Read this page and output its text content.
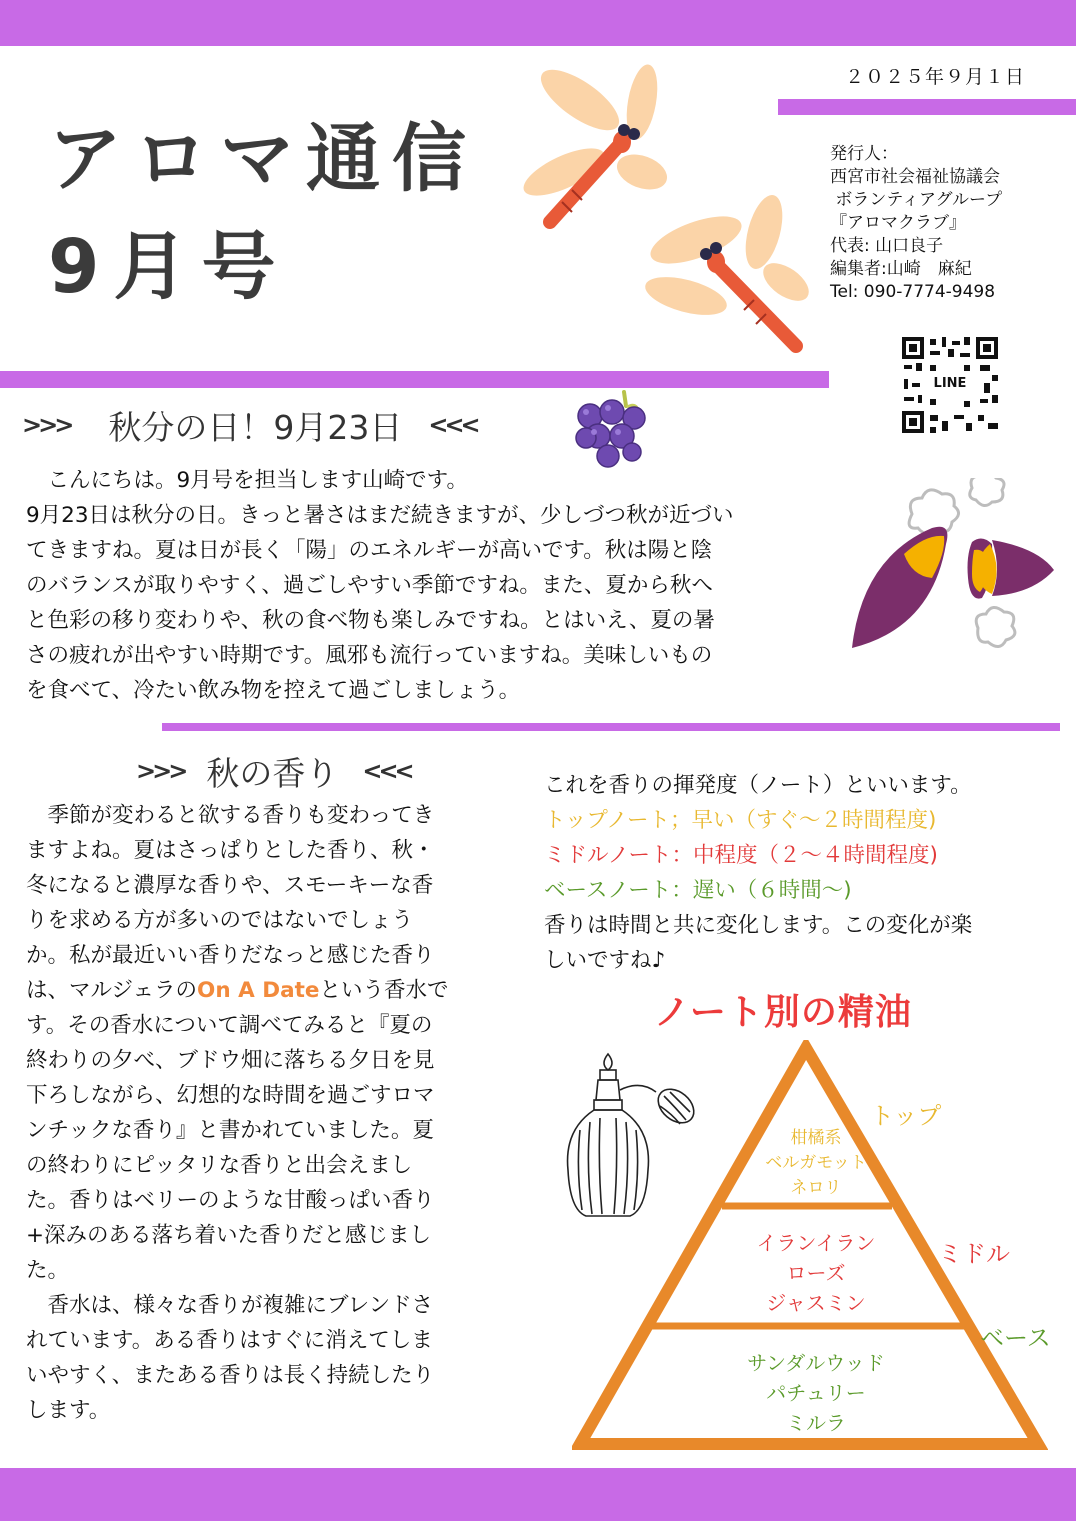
２０２５年９月１日
アロマ通信
9月号
発行人：
西宮市社会福祉協議会
ボランティアグループ
『アロマクラブ』
代表: 山口良子
編集者:山崎　麻紀
Tel: 090-7774-9498
LINE
>>> 秋分の日！9月23日 <<<
　こんにちは。9月号を担当します山崎です。
9月23日は秋分の日。きっと暑さはまだ続きますが、少しづつ秋が近づい
てきますね。夏は日が長く「陽」のエネルギーが高いです。秋は陽と陰
のバランスが取りやすく、過ごしやすい季節ですね。また、夏から秋へ
と色彩の移り変わりや、秋の食べ物も楽しみですね。とはいえ、夏の暑
さの疲れが出やすい時期です。風邪も流行っていますね。美味しいもの
を食べて、冷たい飲み物を控えて過ごしましょう。
>>> 秋の香り <<<
　季節が変わると欲する香りも変わってき
ますよね。夏はさっぱりとした香り、秋・
冬になると濃厚な香りや、スモーキーな香
りを求める方が多いのではないでしょう
か。私が最近いい香りだなっと感じた香り
は、マルジェラのOn A Dateという香水で
す。その香水について調べてみると『夏の
終わりの夕べ、ブドウ畑に落ちる夕日を見
下ろしながら、幻想的な時間を過ごすロマ
ンチックな香り』と書かれていました。夏
の終わりにピッタリな香りと出会えまし
た。香りはベリーのような甘酸っぱい香り
+深みのある落ち着いた香りだと感じまし
た。
　香水は、様々な香りが複雑にブレンドさ
れています。ある香りはすぐに消えてしま
いやすく、またある香りは長く持続したり
します。
これを香りの揮発度（ノート）といいます。
トップノート；早い（すぐ～２時間程度)
ミドルノート：中程度（２～４時間程度)
ベースノート：遅い（６時間～)
香りは時間と共に変化します。この変化が楽
しいですね♪
ノート別の精油
柑橘系
ベルガモット
ネロリ
イランイラン
ローズ
ジャスミン
サンダルウッド
パチュリー
ミルラ
トップ
ミドル
ベース
